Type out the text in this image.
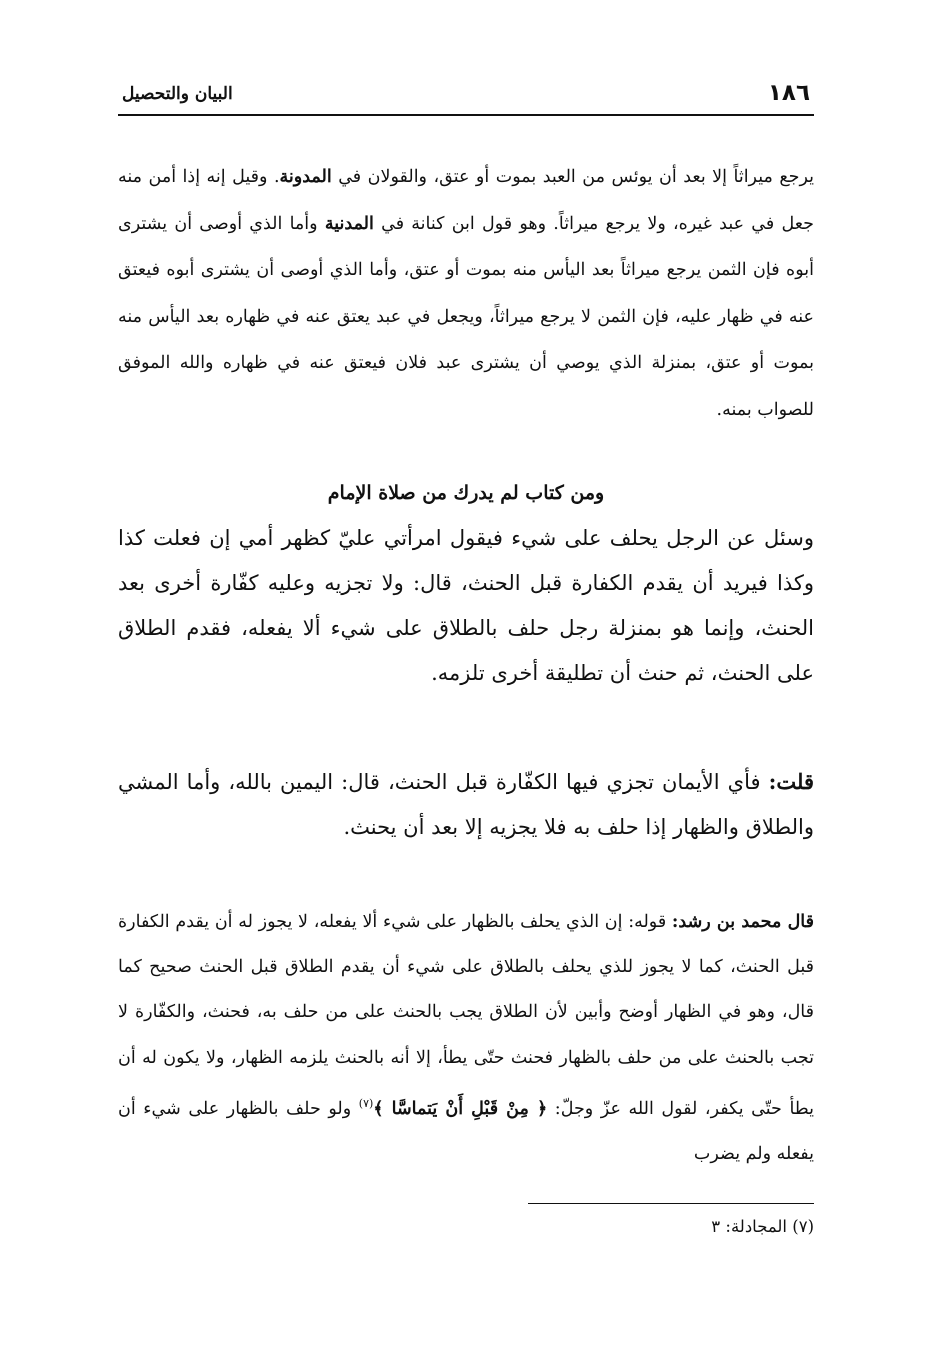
١٨٦
البيان والتحصيل

يرجع ميراثاً إلا بعد أن يوئس من العبد بموت أو عتق، والقولان في المدونة. وقيل إنه إذا أمن منه جعل في عبد غيره، ولا يرجع ميراثاً. وهو قول ابن كنانة في المدنية وأما الذي أوصى أن يشترى أبوه فإن الثمن يرجع ميراثاً بعد اليأس منه بموت أو عتق، وأما الذي أوصى أن يشترى أبوه فيعتق عنه في ظهار عليه، فإن الثمن لا يرجع ميراثاً، ويجعل في عبد يعتق عنه في ظهاره بعد اليأس منه بموت أو عتق، بمنزلة الذي يوصي أن يشترى عبد فلان فيعتق عنه في ظهاره والله الموفق للصواب بمنه.

ومن كتاب لم يدرك من صلاة الإمام

وسئل عن الرجل يحلف على شيء فيقول امرأتي عليّ كظهر أمي إن فعلت كذا وكذا فيريد أن يقدم الكفارة قبل الحنث، قال: ولا تجزيه وعليه كفّارة أخرى بعد الحنث، وإنما هو بمنزلة رجل حلف بالطلاق على شيء ألا يفعله، فقدم الطلاق على الحنث، ثم حنث أن تطليقة أخرى تلزمه.

قلت: فأي الأيمان تجزي فيها الكفّارة قبل الحنث، قال: اليمين بالله، وأما المشي والطلاق والظهار إذا حلف به فلا يجزيه إلا بعد أن يحنث.

قال محمد بن رشد: قوله: إن الذي يحلف بالظهار على شيء ألا يفعله، لا يجوز له أن يقدم الكفارة قبل الحنث، كما لا يجوز للذي يحلف بالطلاق على شيء أن يقدم الطلاق قبل الحنث صحيح كما قال، وهو في الظهار أوضح وأبين لأن الطلاق يجب بالحنث على من حلف به، فحنث، والكفّارة لا تجب بالحنث على من حلف بالظهار فحنث حتّى يطأ، إلا أنه بالحنث يلزمه الظهار، ولا يكون له أن يطأ حتّى يكفر، لقول الله عزّ وجلّ: ﴿ مِنْ قَبْلِ أَنْ يَتماسَّا ﴾$^{(٧)}$ ولو حلف بالظهار على شيء أن يفعله ولم يضرب

(٧) المجادلة: ٣
